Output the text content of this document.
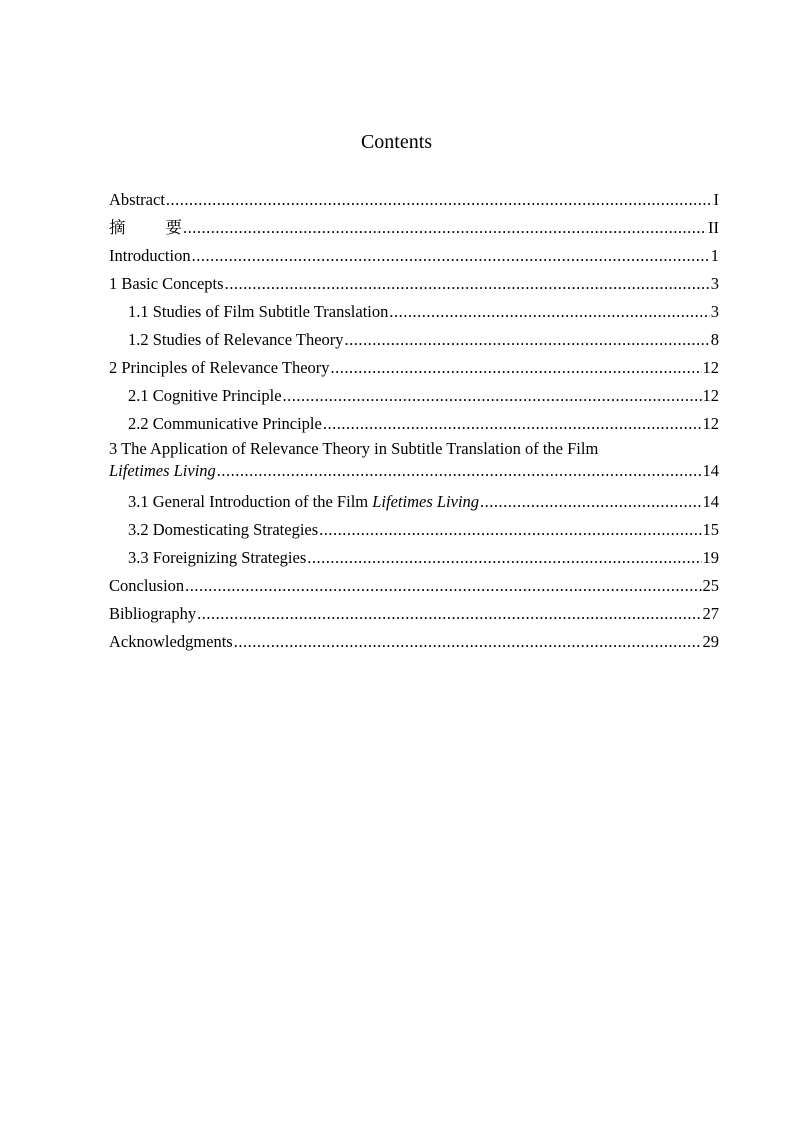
Contents
Abstract .....	I
摘 要 .....	II
Introduction .....	1
1 Basic Concepts .....	3
1.1 Studies of Film Subtitle Translation .....	3
1.2 Studies of Relevance Theory .....	8
2 Principles of Relevance Theory .....	12
2.1 Cognitive Principle .....	12
2.2 Communicative Principle .....	12
3 The Application of Relevance Theory in Subtitle Translation of the Film
Lifetimes Living .....	14
3.1 General Introduction of the Film Lifetimes Living .....	14
3.2 Domesticating Strategies .....	15
3.3 Foreignizing Strategies .....	19
Conclusion .....	25
Bibliography .....	27
Acknowledgments .....	29
